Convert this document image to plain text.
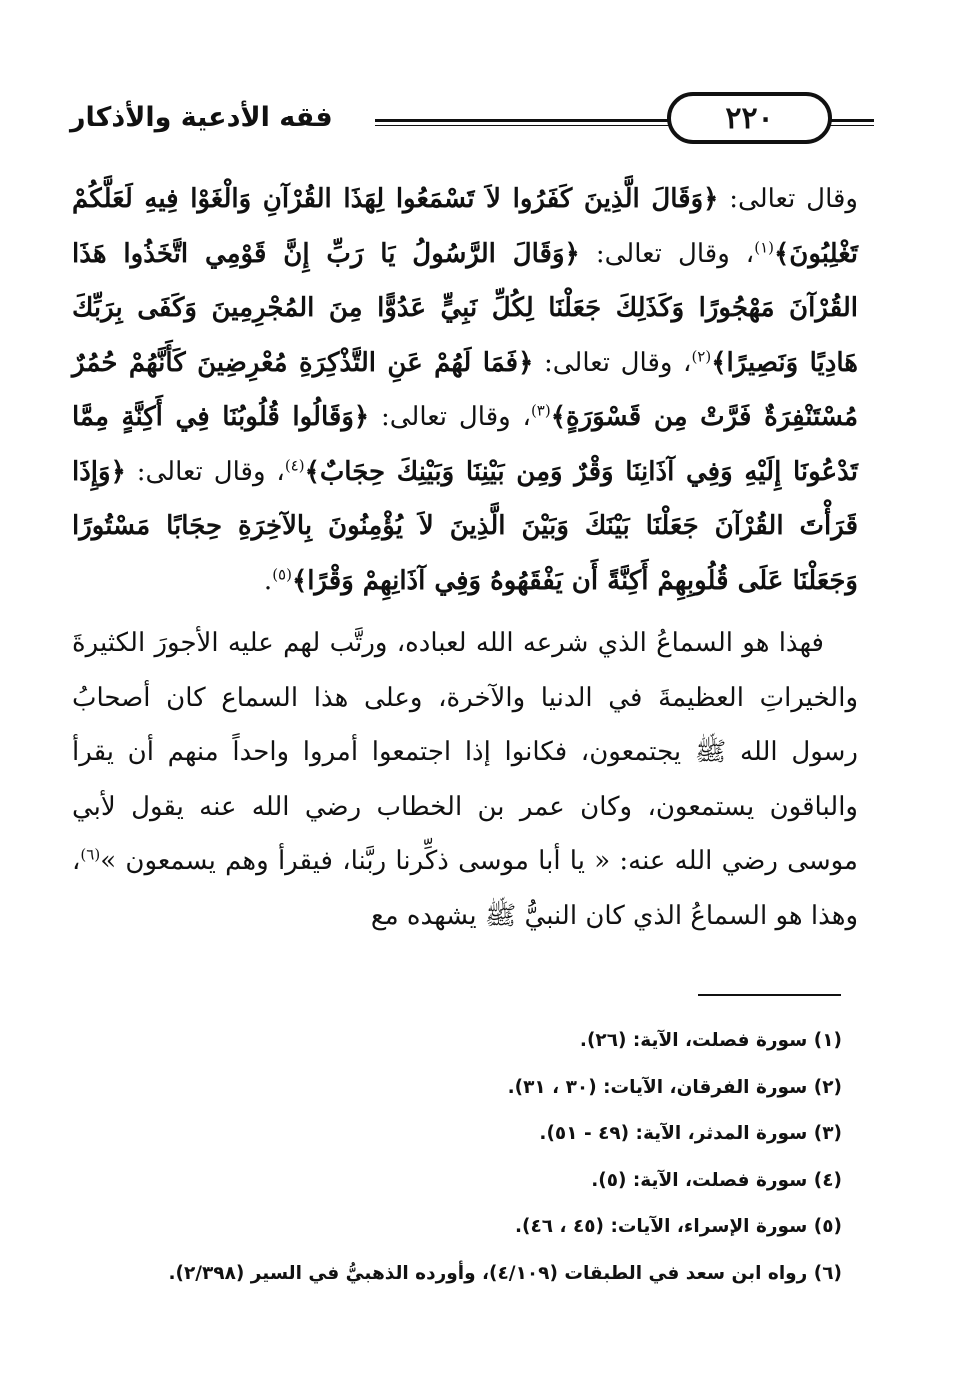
فقه الأدعية والأذكار	٢٢٠

وقال تعالى: ﴿وَقَالَ الَّذِينَ كَفَرُوا لاَ تَسْمَعُوا لِهَذَا القُرْآنِ وَالْغَوْا فِيهِ لَعَلَّكُمْ تَغْلِبُونَ﴾$^{(١)}$، وقال تعالى: ﴿وَقَالَ الرَّسُولُ يَا رَبِّ إِنَّ قَوْمِي اتَّخَذُوا هَذَا القُرْآنَ مَهْجُورًا وَكَذَلِكَ جَعَلْنَا لِكُلِّ نَبِيٍّ عَدُوًّا مِنَ المُجْرِمِينَ وَكَفَى بِرَبِّكَ هَادِيًا وَنَصِيرًا﴾$^{(٢)}$، وقال تعالى: ﴿فَمَا لَهُمْ عَنِ التَّذْكِرَةِ مُعْرِضِينَ كَأَنَّهُمْ حُمُرٌ مُسْتَنْفِرَةٌ فَرَّتْ مِن قَسْوَرَةٍ﴾$^{(٣)}$، وقال تعالى: ﴿وَقَالُوا قُلُوبُنَا فِي أَكِنَّةٍ مِمَّا تَدْعُونَا إِلَيْهِ وَفِي آذَانِنَا وَقْرٌ وَمِن بَيْنِنَا وَبَيْنِكَ حِجَابٌ﴾$^{(٤)}$، وقال تعالى: ﴿وَإِذَا قَرَأْتَ القُرْآنَ جَعَلْنَا بَيْنَكَ وَبَيْنَ الَّذِينَ لاَ يُؤْمِنُونَ بِالآخِرَةِ حِجَابًا مَسْتُورًا وَجَعَلْنَا عَلَى قُلُوبِهِمْ أَكِنَّةً أَن يَفْقَهُوهُ وَفِي آذَانِهِمْ وَقْرًا﴾$^{(٥)}$.

فهذا هو السماعُ الذي شرعه الله لعباده، ورتَّب لهم عليه الأجورَ الكثيرةَ والخيراتِ العظيمةَ في الدنيا والآخرة، وعلى هذا السماع كان أصحابُ رسول الله ﷺ يجتمعون، فكانوا إذا اجتمعوا أمروا واحداً منهم أن يقرأ والباقون يستمعون، وكان عمر بن الخطاب رضي الله عنه يقول لأبي موسى رضي الله عنه: « يا أبا موسى ذكِّرنا ربَّنا، فيقرأ وهم يسمعون »$^{(٦)}$، وهذا هو السماعُ الذي كان النبيُّ ﷺ يشهده مع

(١) سورة فصلت، الآية: (٢٦).

(٢) سورة الفرقان، الآيات: (٣٠ ، ٣١).

(٣) سورة المدثر، الآية: (٤٩ - ٥١).

(٤) سورة فصلت، الآية: (٥).

(٥) سورة الإسراء، الآيات: (٤٥ ، ٤٦).

(٦) رواه ابن سعد في الطبقات (٤/١٠٩)، وأورده الذهبيُّ في السير (٢/٣٩٨).
